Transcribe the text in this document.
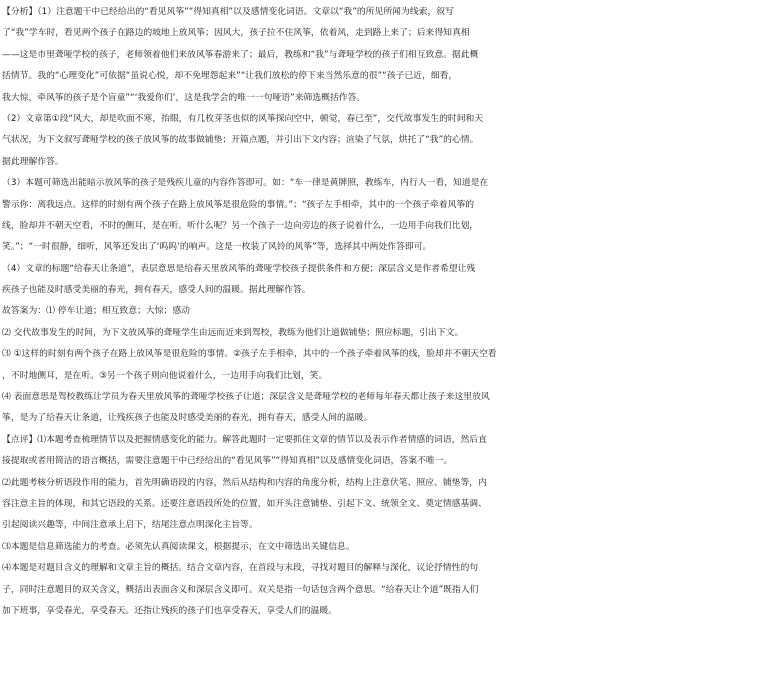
【分析】（1）注意题干中已经给出的“看见风筝”“得知真相”以及感情变化词语。文章以“我”的所见所闻为线索，叙写
了“我”学车时，看见两个孩子在路边的坡地上放风筝；因风大，孩子拉不住风筝，依着风，走到路上来了；后来得知真相
——这是市里聋哑学校的孩子，老师领着他们来放风筝春游来了；最后，教练和“我”与聋哑学校的孩子们相互致意。据此概
括情节。我的“心理变化”可依据“虽说心悦，却不免埋怨起来”“让我们放松的停下来当然乐意的很”“孩子已近，细看，
我大惊，牵风筝的孩子是个盲童”“‘我爱你们’，这是我学会的唯一一句哑语”来筛选概括作答。
（2）文章第①段“风大，却是吹面不寒，抬眼，有几枚芽茎也似的风筝探向空中，顿觉，春已至”，交代故事发生的时间和天
气状况，为下文叙写聋哑学校的孩子放风筝的故事做铺垫；开篇点题，并引出下文内容；渲染了气氛，烘托了“我”的心情。
据此理解作答。
（3）本题可筛选出能暗示放风筝的孩子是残疾儿童的内容作答即可。如：“车一律是黄牌照，教练车，内行人一看，知道是在
警示你：离我远点。这样的时刻有两个孩子在路上放风筝是很危险的事情。”；“孩子左手相牵，其中的一个孩子牵着风筝的
线，脸却并不朝天空看，不时的侧耳，是在听。听什么呢？另一个孩子一边向旁边的孩子说着什么，一边用手向我们比划，
笑。”；“一时很静，细听，风筝还发出了‘呜呜’的响声。这是一枚装了风铃的风筝”等，选择其中两处作答即可。
（4）文章的标题“给春天让条道”，表层意思是给春天里放风筝的聋哑学校孩子提供条件和方便；深层含义是作者希望让残
疾孩子也能及时感受美丽的春光，拥有春天，感受人间的温暖。据此理解作答。
故答案为：⑴ 停车让道；相互致意；大惊；感动
⑵ 交代故事发生的时间，为下文放风筝的聋哑学生由远而近来到驾校，教练为他们让道做铺垫；照应标题，引出下文。
⑶ ①这样的时刻有两个孩子在路上放风筝是很危险的事情。②孩子左手相牵，其中的一个孩子牵着风筝的线，脸却并不朝天空看
，不时地侧耳，是在听。③另一个孩子则向他说着什么，一边用手向我们比划，笑。
⑷ 表面意思是驾校教练让学员为春天里放风筝的聋哑学校孩子让道；深层含义是聋哑学校的老师每年春天都让孩子来这里放风
筝，是为了给春天让条道，让残疾孩子也能及时感受美丽的春光，拥有春天，感受人间的温暖。
【点评】⑴本题考查梳理情节以及把握情感变化的能力。解答此题时一定要抓住文章的情节以及表示作者情感的词语，然后直
接提取或者用简洁的语言概括，需要注意题干中已经给出的“看见风筝”“得知真相”以及感情变化词语，答案不唯一。
⑵此题考核分析语段作用的能力，首先明确语段的内容，然后从结构和内容的角度分析，结构上注意伏笔、照应、铺垫等，内
容注意主旨的体现，和其它语段的关系。还要注意语段所处的位置，如开头注意铺垫、引起下文、统领全文、奠定情感基调、
引起阅读兴趣等，中间注意承上启下，结尾注意点明深化主旨等。
⑶本题是信息筛选能力的考查。必须先认真阅读课文，根据提示，在文中筛选出关键信息。
⑷本题是对题目含义的理解和文章主旨的概括。结合文章内容，在首段与末段，寻找对题目的解释与深化，议论抒情性的句
子，同时注意题目的双关含义，概括出表面含义和深层含义即可。双关是指一句话包含两个意思。“给春天让个道”既指人们
加下班事，享受春光，享受春天。还指让残疾的孩子们也享受春天，享受人们的温暖。
